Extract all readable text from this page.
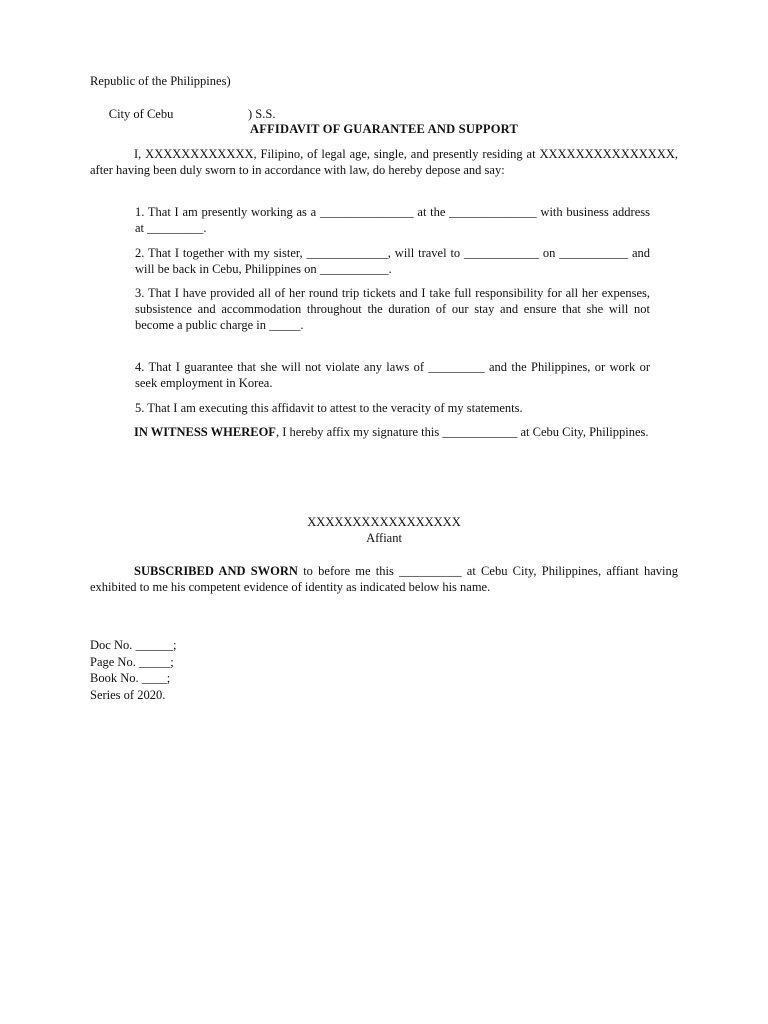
Republic of the Philippines)

City of Cebu	) S.S.

AFFIDAVIT OF GUARANTEE AND SUPPORT

I, XXXXXXXXXXXX, Filipino, of legal age, single, and presently residing at XXXXXXXXXXXXXXX, after having been duly sworn to in accordance with law, do hereby depose and say:

1. That I am presently working as a _______________ at the ______________ with business address at _________.

2. That I together with my sister, _____________, will travel to ____________ on ___________ and will be back in Cebu, Philippines on ___________.

3. That I have provided all of her round trip tickets and I take full responsibility for all her expenses, subsistence and accommodation throughout the duration of our stay and ensure that she will not become a public charge in _____.

4. That I guarantee that she will not violate any laws of _________ and the Philippines, or work or seek employment in Korea.

5. That I am executing this affidavit to attest to the veracity of my statements.

IN WITNESS WHEREOF, I hereby affix my signature this ____________ at Cebu City, Philippines.

XXXXXXXXXXXXXXXXX
Affiant

SUBSCRIBED AND SWORN to before me this __________ at Cebu City, Philippines, affiant having exhibited to me his competent evidence of identity as indicated below his name.

Doc No. ______;
Page No. _____;
Book No. ____;
Series of 2020.
